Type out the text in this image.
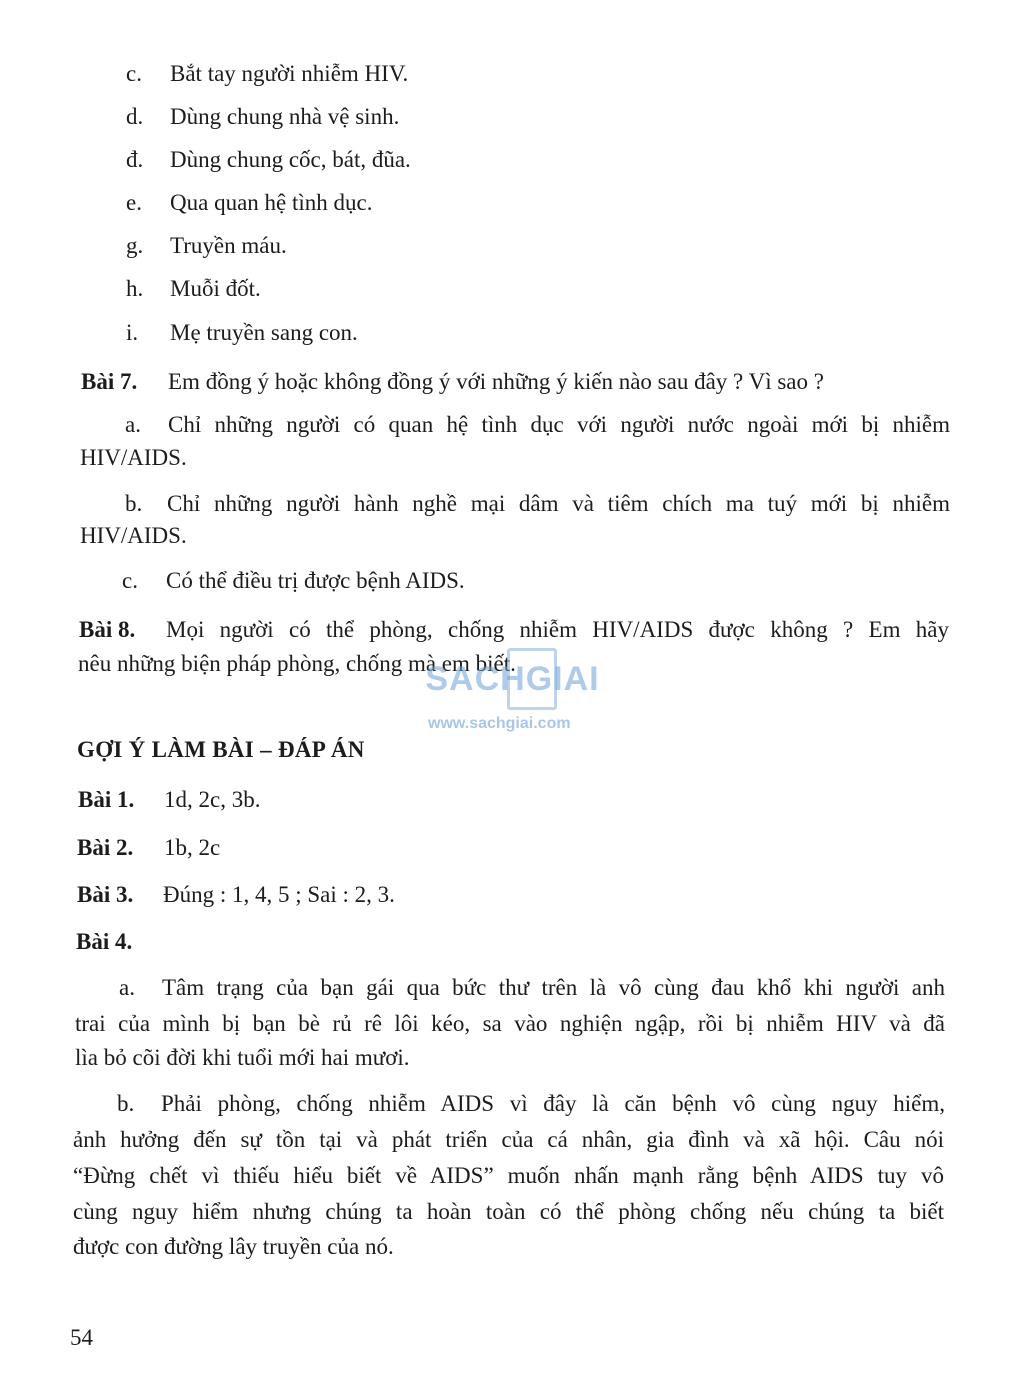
c. Bắt tay người nhiễm HIV.
d. Dùng chung nhà vệ sinh.
đ. Dùng chung cốc, bát, đũa.
e. Qua quan hệ tình dục.
g. Truyền máu.
h. Muỗi đốt.
i. Mẹ truyền sang con.
Bài 7. Em đồng ý hoặc không đồng ý với những ý kiến nào sau đây ? Vì sao ?
a. Chỉ những người có quan hệ tình dục với người nước ngoài mới bị nhiễm
HIV/AIDS.
b. Chỉ những người hành nghề mại dâm và tiêm chích ma tuý mới bị nhiễm
HIV/AIDS.
c. Có thể điều trị được bệnh AIDS.
Bài 8. Mọi người có thể phòng, chống nhiễm HIV/AIDS được không ? Em hãy
nêu những biện pháp phòng, chống mà em biết.
SACHGIAI
www.sachgiai.com
GỢI Ý LÀM BÀI – ĐÁP ÁN
Bài 1. 1d, 2c, 3b.
Bài 2. 1b, 2c
Bài 3. Đúng : 1, 4, 5 ; Sai : 2, 3.
Bài 4.
a. Tâm trạng của bạn gái qua bức thư trên là vô cùng đau khổ khi người anh
trai của mình bị bạn bè rủ rê lôi kéo, sa vào nghiện ngập, rồi bị nhiễm HIV và đã
lìa bỏ cõi đời khi tuổi mới hai mươi.
b. Phải phòng, chống nhiễm AIDS vì đây là căn bệnh vô cùng nguy hiểm,
ảnh hưởng đến sự tồn tại và phát triển của cá nhân, gia đình và xã hội. Câu nói
“Đừng chết vì thiếu hiểu biết về AIDS” muốn nhấn mạnh rằng bệnh AIDS tuy vô
cùng nguy hiểm nhưng chúng ta hoàn toàn có thể phòng chống nếu chúng ta biết
được con đường lây truyền của nó.
54
